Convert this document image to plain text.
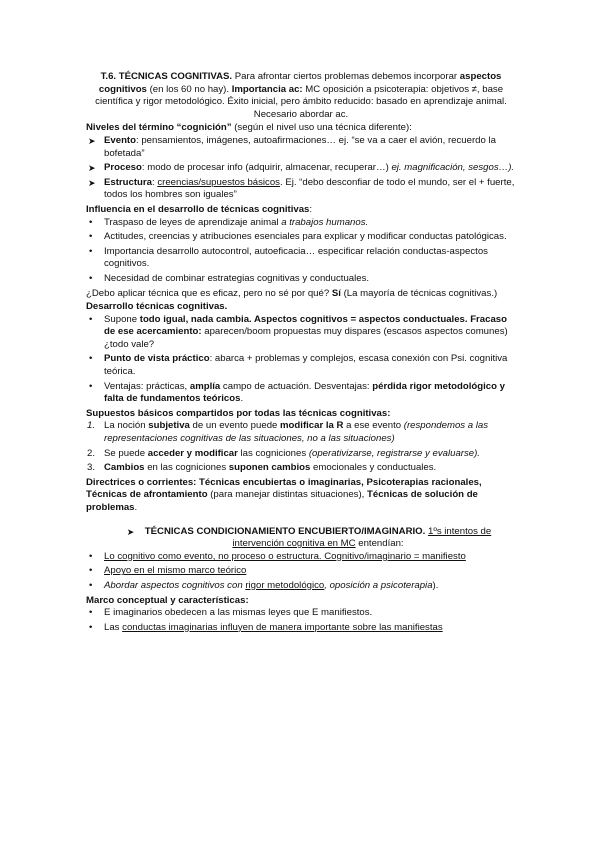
T.6. TÉCNICAS COGNITIVAS. Para afrontar ciertos problemas debemos incorporar aspectos cognitivos (en los 60 no hay). Importancia ac: MC oposición a psicoterapia: objetivos ≠, base científica y rigor metodológico. Éxito inicial, pero ámbito reducido: basado en aprendizaje animal. Necesario abordar ac.

Niveles del término “cognición” (según el nivel uso una técnica diferente):

➤ Evento: pensamientos, imágenes, autoafirmaciones… ej. “se va a caer el avión, recuerdo la bofetada”
➤ Proceso: modo de procesar info (adquirir, almacenar, recuperar…) ej. magnificación, sesgos…).
➤ Estructura: creencias/supuestos básicos. Ej. “debo desconfiar de todo el mundo, ser el + fuerte, todos los hombres son iguales”

Influencia en el desarrollo de técnicas cognitivas:

• Traspaso de leyes de aprendizaje animal a trabajos humanos.
• Actitudes, creencias y atribuciones esenciales para explicar y modificar conductas patológicas.
• Importancia desarrollo autocontrol, autoeficacia… especificar relación conductas-aspectos cognitivos.
• Necesidad de combinar estrategias cognitivas y conductuales.

¿Debo aplicar técnica que es eficaz, pero no sé por qué? Sí (La mayoría de técnicas cognitivas.)

Desarrollo técnicas cognitivas.

• Supone todo igual, nada cambia. Aspectos cognitivos = aspectos conductuales. Fracaso de ese acercamiento: aparecen/boom propuestas muy dispares (escasos aspectos comunes) ¿todo vale?
• Punto de vista práctico: abarca + problemas y complejos, escasa conexión con Psi. cognitiva teórica.
• Ventajas: prácticas, amplía campo de actuación. Desventajas: pérdida rigor metodológico y falta de fundamentos teóricos.

Supuestos básicos compartidos por todas las técnicas cognitivas:

1. La noción subjetiva de un evento puede modificar la R a ese evento (respondemos a las representaciones cognitivas de las situaciones, no a las situaciones)
2. Se puede acceder y modificar las cogniciones (operativizarse, registrarse y evaluarse).
3. Cambios en las cogniciones suponen cambios emocionales y conductuales.

Directrices o corrientes: Técnicas encubiertas o imaginarias, Psicoterapias racionales, Técnicas de afrontamiento (para manejar distintas situaciones), Técnicas de solución de problemas.

➤ TÉCNICAS CONDICIONAMIENTO ENCUBIERTO/IMAGINARIO. 1ºs intentos de intervención cognitiva en MC entendían:

• Lo cognitivo como evento, no proceso o estructura. Cognitivo/imaginario = manifiesto
• Apoyo en el mismo marco teórico
• Abordar aspectos cognitivos con rigor metodológico, oposición a psicoterapia).

Marco conceptual y características:

• E imaginarios obedecen a las mismas leyes que E manifiestos.
• Las conductas imaginarias influyen de manera importante sobre las manifiestas
